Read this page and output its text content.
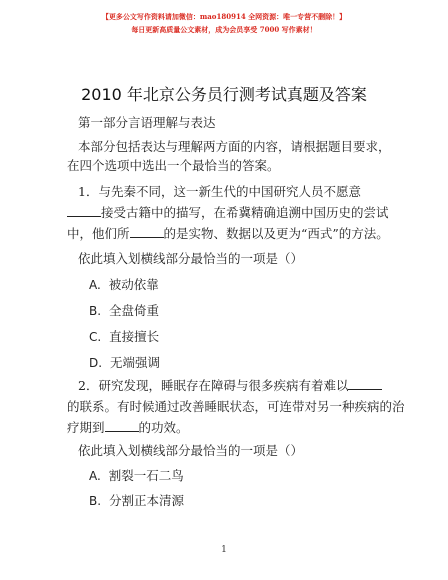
【更多公文写作资料请加微信：mao180914 全网资源：唯一专营不删除！】
每日更新高质量公文素材，成为会员享受 7000 写作素材！
2010 年北京公务员行测考试真题及答案
第一部分言语理解与表达
本部分包括表达与理解两方面的内容，请根据题目要求，
在四个选项中选出一个最恰当的答案。
1．与先秦不同，这一新生代的中国研究人员不愿意
接受古籍中的描写，在希冀精确追溯中国历史的尝试
中，他们所	的是实物、数据以及更为“西式”的方法。
依此填入划横线部分最恰当的一项是（）
A. 被动依靠
B. 全盘倚重
C. 直接擅长
D. 无端强调
2．研究发现，睡眠存在障碍与很多疾病有着难以
的联系。有时候通过改善睡眠状态，可连带对另一种疾病的治
疗期到	的功效。
依此填入划横线部分最恰当的一项是（）
A. 割裂一石二鸟
B. 分割正本清源
1
